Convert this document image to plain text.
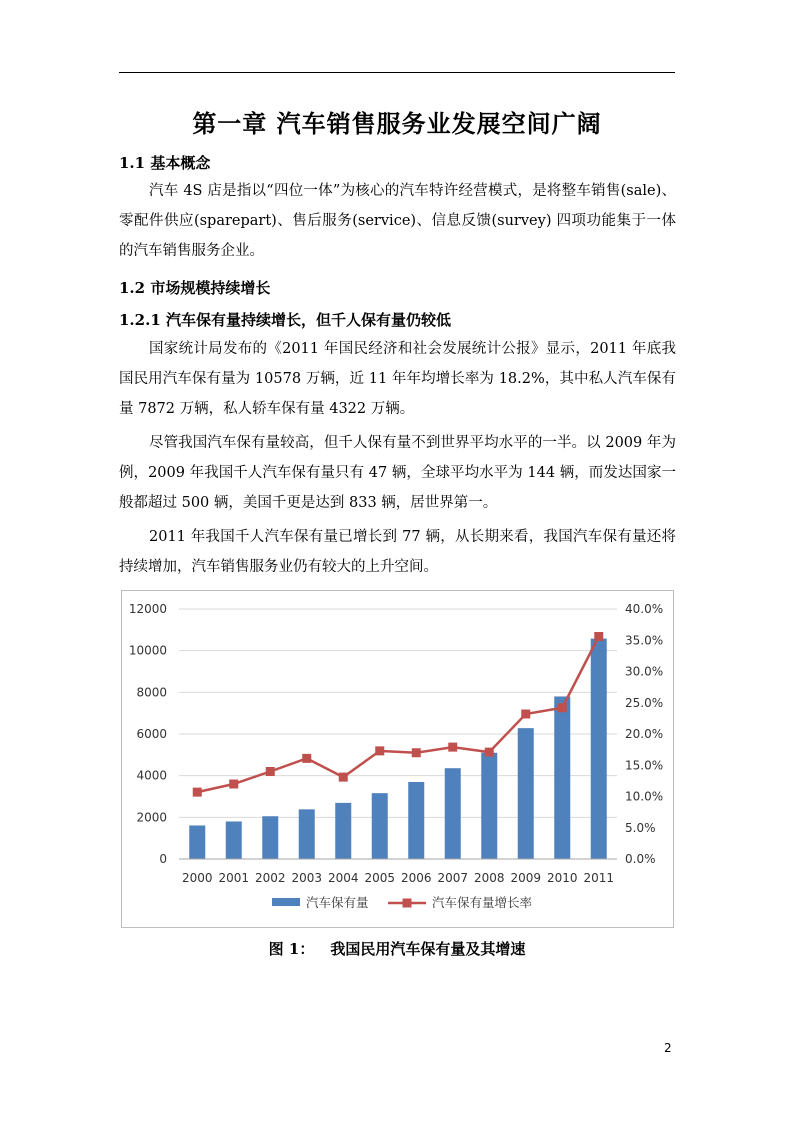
第一章 汽车销售服务业发展空间广阔
1.1 基本概念

汽车 4S 店是指以“四位一体”为核心的汽车特许经营模式，是将整车销售(sale)、零配件供应(sparepart)、售后服务(service)、信息反馈(survey) 四项功能集于一体的汽车销售服务企业。

1.2 市场规模持续增长
1.2.1 汽车保有量持续增长，但千人保有量仍较低

国家统计局发布的《2011 年国民经济和社会发展统计公报》显示，2011 年底我国民用汽车保有量为 10578 万辆，近 11 年年均增长率为 18.2%，其中私人汽车保有量 7872 万辆，私人轿车保有量 4322 万辆。

尽管我国汽车保有量较高，但千人保有量不到世界平均水平的一半。以 2009 年为例，2009 年我国千人汽车保有量只有 47 辆，全球平均水平为 144 辆，而发达国家一般都超过 500 辆，美国千更是达到 833 辆，居世界第一。

2011 年我国千人汽车保有量已增长到 77 辆，从长期来看，我国汽车保有量还将持续增加，汽车销售服务业仍有较大的上升空间。

0
2000
4000
6000
8000
10000
12000
0.0%
5.0%
10.0%
15.0%
20.0%
25.0%
30.0%
35.0%
40.0%
2000 2001 2002 2003 2004 2005 2006 2007 2008 2009 2010 2011
汽车保有量	汽车保有量增长率
图 1： 我国民用汽车保有量及其增速
2
